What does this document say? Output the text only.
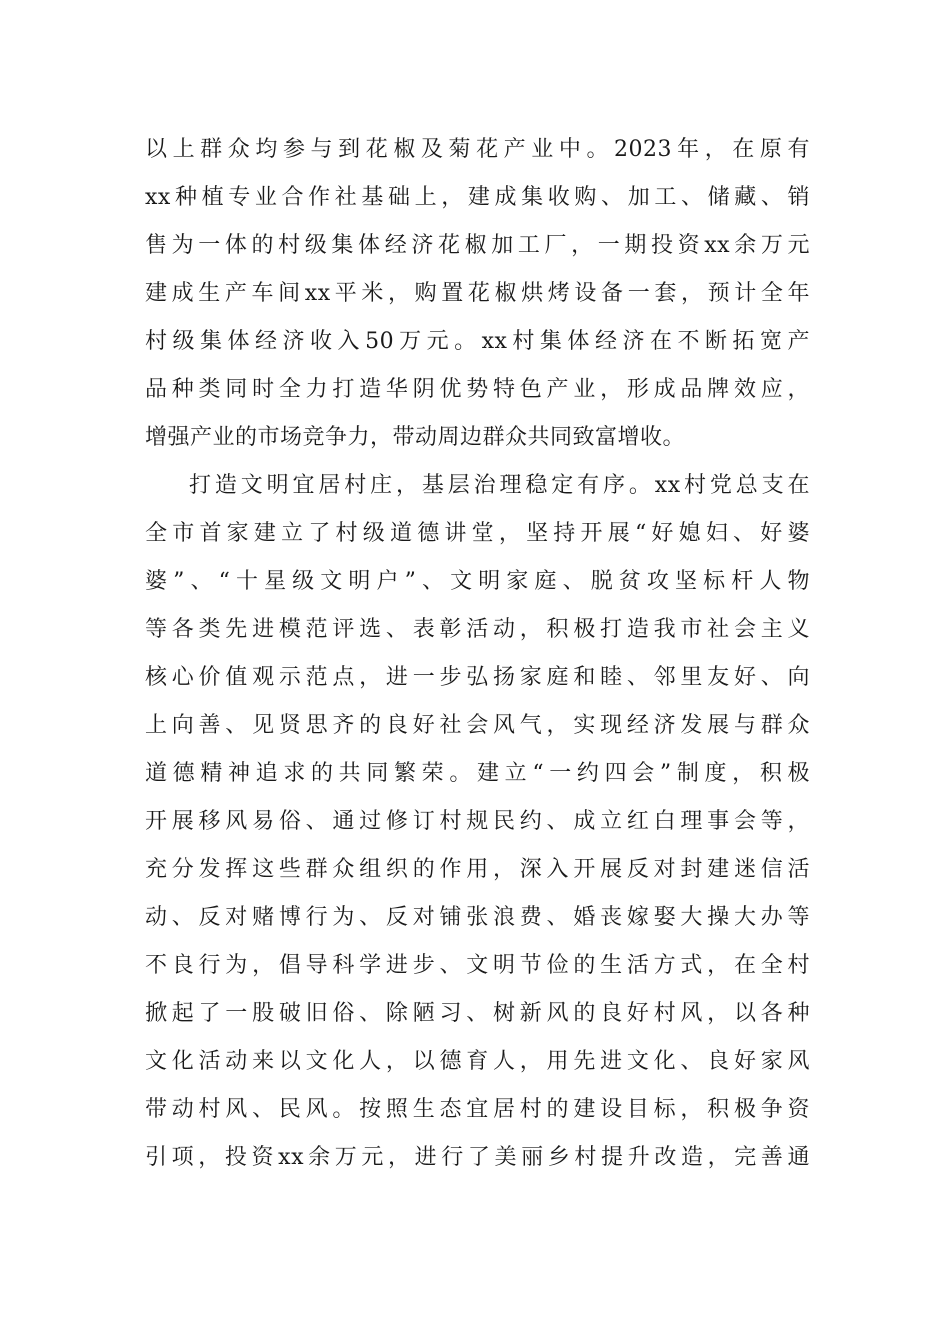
以上群众均参与到花椒及菊花产业中。2023年，在原有
xx种植专业合作社基础上，建成集收购、加工、储藏、销
售为一体的村级集体经济花椒加工厂，一期投资xx余万元
建成生产车间xx平米，购置花椒烘烤设备一套，预计全年
村级集体经济收入50万元。xx村集体经济在不断拓宽产
品种类同时全力打造华阴优势特色产业，形成品牌效应，
增强产业的市场竞争力，带动周边群众共同致富增收。
打造文明宜居村庄，基层治理稳定有序。xx村党总支在
全市首家建立了村级道德讲堂，坚持开展“好媳妇、好婆
婆”、“十星级文明户”、文明家庭、脱贫攻坚标杆人物
等各类先进模范评选、表彰活动，积极打造我市社会主义
核心价值观示范点，进一步弘扬家庭和睦、邻里友好、向
上向善、见贤思齐的良好社会风气，实现经济发展与群众
道德精神追求的共同繁荣。建立“一约四会”制度，积极
开展移风易俗、通过修订村规民约、成立红白理事会等，
充分发挥这些群众组织的作用，深入开展反对封建迷信活
动、反对赌博行为、反对铺张浪费、婚丧嫁娶大操大办等
不良行为，倡导科学进步、文明节俭的生活方式，在全村
掀起了一股破旧俗、除陋习、树新风的良好村风，以各种
文化活动来以文化人，以德育人，用先进文化、良好家风
带动村风、民风。按照生态宜居村的建设目标，积极争资
引项，投资xx余万元，进行了美丽乡村提升改造，完善通
